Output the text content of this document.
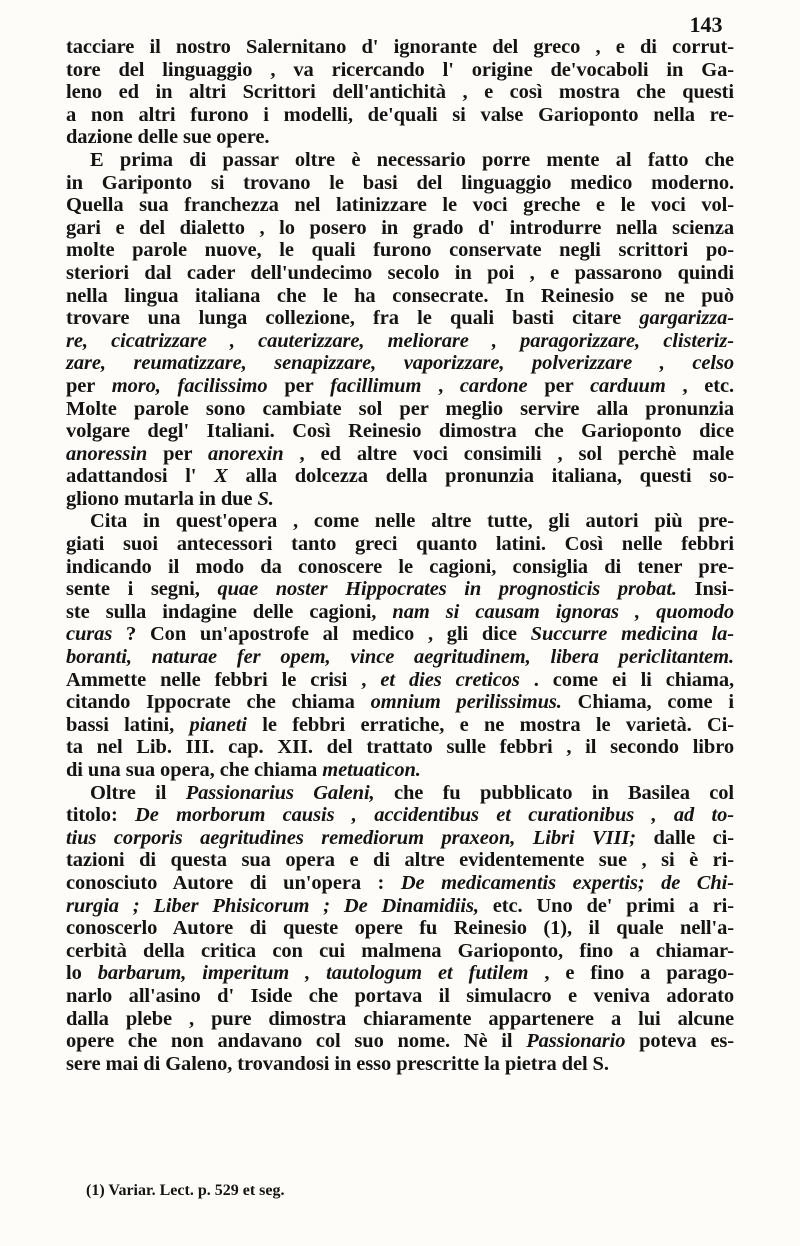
143
tacciare il nostro Salernitano d' ignorante del greco , e di corrut-
tore del linguaggio , va ricercando l' origine de'vocaboli in Ga-
leno ed in altri Scrittori dell'antichità , e così mostra che questi
a non altri furono i modelli, de'quali si valse Garioponto nella re-
dazione delle sue opere.
E prima di passar oltre è necessario porre mente al fatto che
in Gariponto si trovano le basi del linguaggio medico moderno.
Quella sua franchezza nel latinizzare le voci greche e le voci vol-
gari e del dialetto , lo posero in grado d' introdurre nella scienza
molte parole nuove, le quali furono conservate negli scrittori po-
steriori dal cader dell'undecimo secolo in poi , e passarono quindi
nella lingua italiana che le ha consecrate. In Reinesio se ne può
trovare una lunga collezione, fra le quali basti citare gargarizza-
re, cicatrizzare , cauterizzare, meliorare , paragorizzare, clisteriz-
zare, reumatizzare, senapizzare, vaporizzare, polverizzare , celso
per moro, facilissimo per facillimum , cardone per carduum , etc.
Molte parole sono cambiate sol per meglio servire alla pronunzia
volgare degl' Italiani. Così Reinesio dimostra che Garioponto dice
anoressin per anorexin , ed altre voci consimili , sol perchè male
adattandosi l' X alla dolcezza della pronunzia italiana, questi so-
gliono mutarla in due S.
Cita in quest'opera , come nelle altre tutte, gli autori più pre-
giati suoi antecessori tanto greci quanto latini. Così nelle febbri
indicando il modo da conoscere le cagioni, consiglia di tener pre-
sente i segni, quae noster Hippocrates in prognosticis probat. Insi-
ste sulla indagine delle cagioni, nam si causam ignoras , quomodo
curas ? Con un'apostrofe al medico , gli dice Succurre medicina la-
boranti, naturae fer opem, vince aegritudinem, libera periclitantem.
Ammette nelle febbri le crisi , et dies creticos . come ei li chiama,
citando Ippocrate che chiama omnium perilissimus. Chiama, come i
bassi latini, pianeti le febbri erratiche, e ne mostra le varietà. Ci-
ta nel Lib. III. cap. XII. del trattato sulle febbri , il secondo libro
di una sua opera, che chiama metuaticon.
Oltre il Passionarius Galeni, che fu pubblicato in Basilea col
titolo: De morborum causis , accidentibus et curationibus , ad to-
tius corporis aegritudines remediorum praxeon, Libri VIII; dalle ci-
tazioni di questa sua opera e di altre evidentemente sue , si è ri-
conosciuto Autore di un'opera : De medicamentis expertis; de Chi-
rurgia ; Liber Phisicorum ; De Dinamidiis, etc. Uno de' primi a ri-
conoscerlo Autore di queste opere fu Reinesio (1), il quale nell'a-
cerbità della critica con cui malmena Garioponto, fino a chiamar-
lo barbarum, imperitum , tautologum et futilem , e fino a parago-
narlo all'asino d' Iside che portava il simulacro e veniva adorato
dalla plebe , pure dimostra chiaramente appartenere a lui alcune
opere che non andavano col suo nome. Nè il Passionario poteva es-
sere mai di Galeno, trovandosi in esso prescritte la pietra del S.
(1) Variar. Lect. p. 529 et seg.
